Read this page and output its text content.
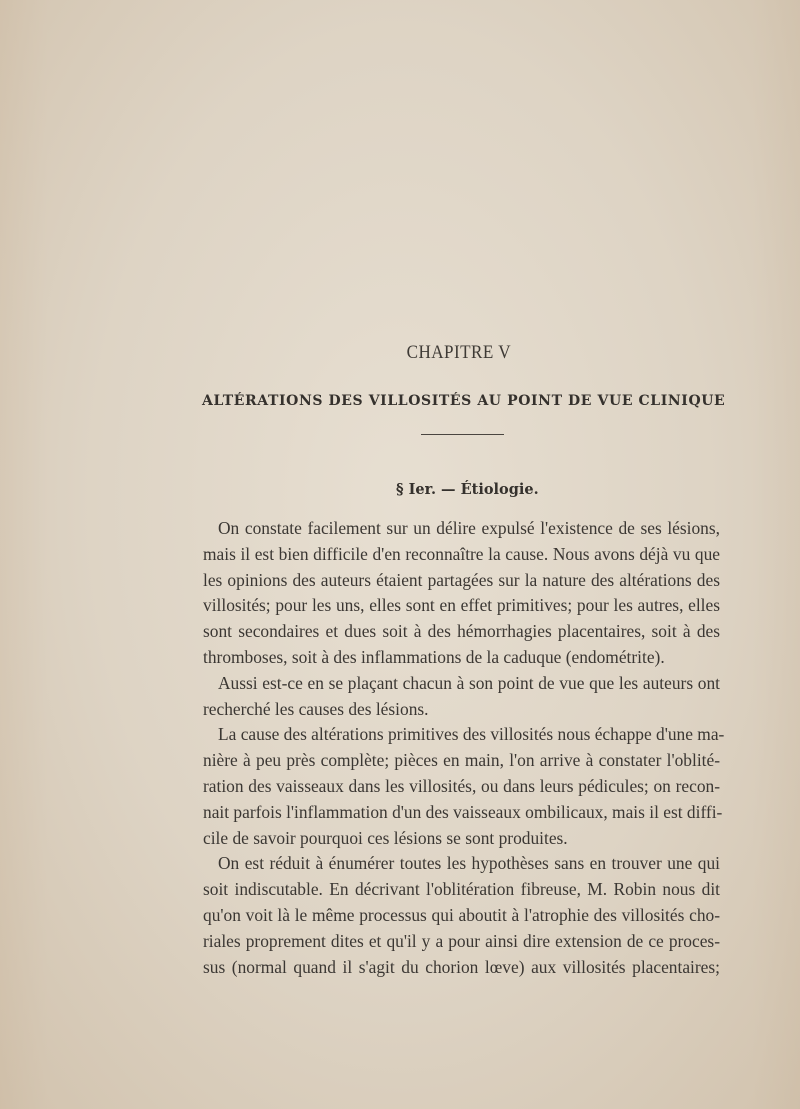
CHAPITRE V
ALTÉRATIONS DES VILLOSITÉS AU POINT DE VUE CLINIQUE
§ Ier. — Étiologie.
On constate facilement sur un délire expulsé l'existence de ses lésions,
mais il est bien difficile d'en reconnaître la cause. Nous avons déjà vu que
les opinions des auteurs étaient partagées sur la nature des altérations des
villosités; pour les uns, elles sont en effet primitives; pour les autres, elles
sont secondaires et dues soit à des hémorrhagies placentaires, soit à des
thromboses, soit à des inflammations de la caduque (endométrite).
Aussi est-ce en se plaçant chacun à son point de vue que les auteurs ont
recherché les causes des lésions.
La cause des altérations primitives des villosités nous échappe d'une ma-
nière à peu près complète; pièces en main, l'on arrive à constater l'oblité-
ration des vaisseaux dans les villosités, ou dans leurs pédicules; on recon-
nait parfois l'inflammation d'un des vaisseaux ombilicaux, mais il est diffi-
cile de savoir pourquoi ces lésions se sont produites.
On est réduit à énumérer toutes les hypothèses sans en trouver une qui
soit indiscutable. En décrivant l'oblitération fibreuse, M. Robin nous dit
qu'on voit là le même processus qui aboutit à l'atrophie des villosités cho-
riales proprement dites et qu'il y a pour ainsi dire extension de ce proces-
sus (normal quand il s'agit du chorion lœve) aux villosités placentaires;
